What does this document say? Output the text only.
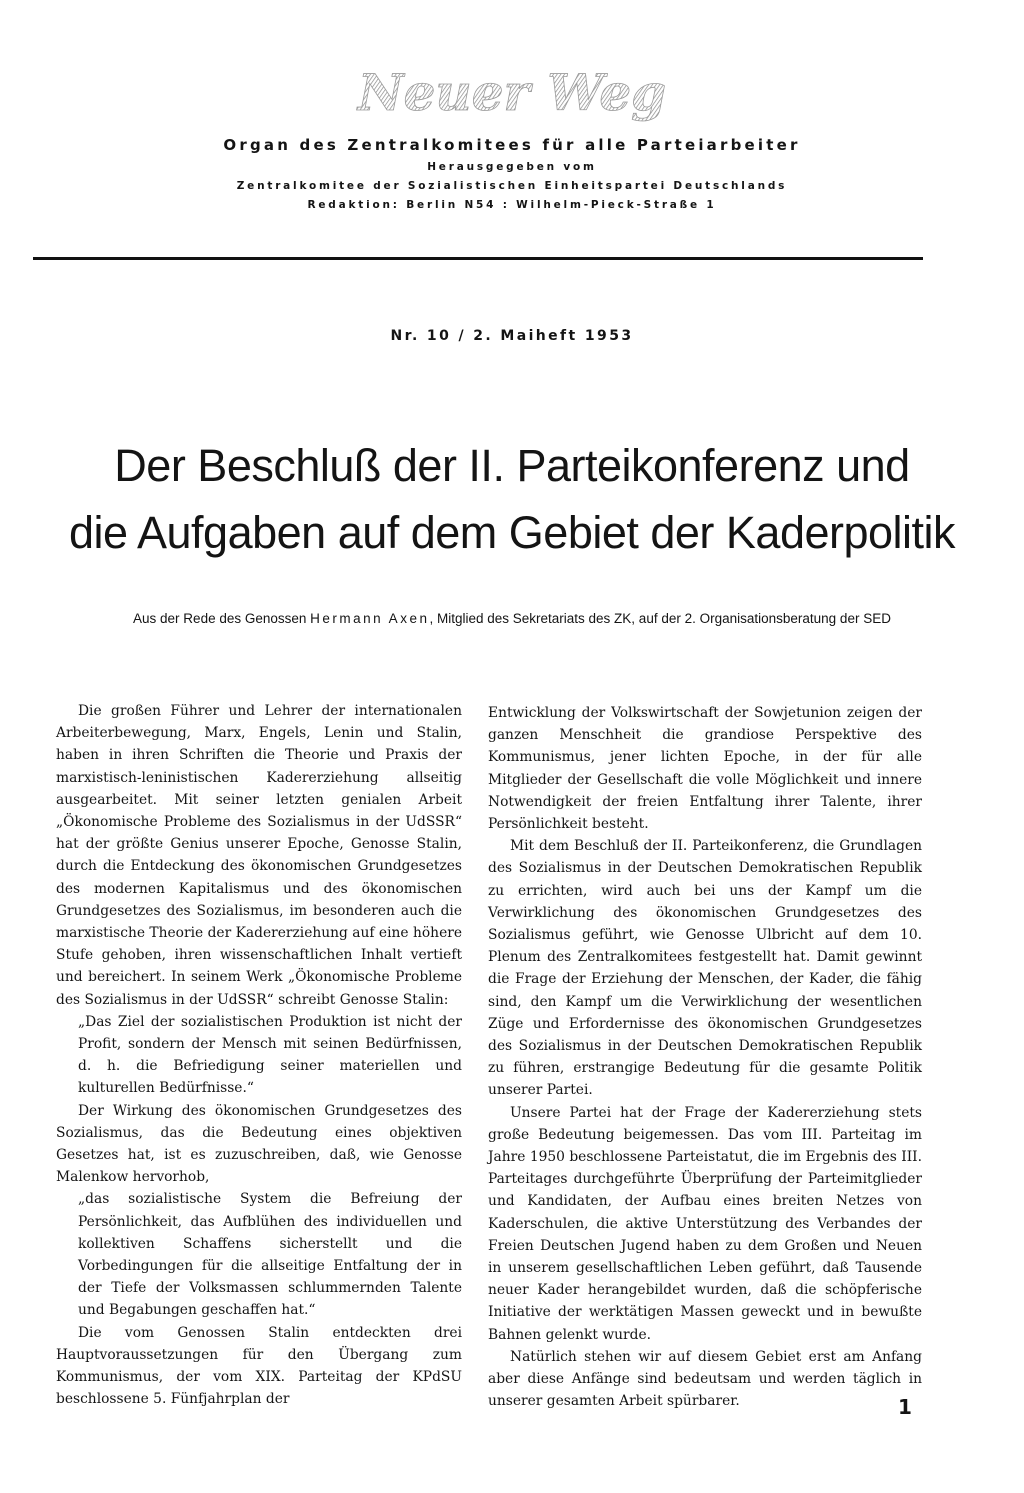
Neuer Weg
Organ des Zentralkomitees für alle Parteiarbeiter
Herausgegeben vom
Zentralkomitee der Sozialistischen Einheitspartei Deutschlands
Redaktion: Berlin N54 : Wilhelm-Pieck-Straße 1
Nr. 10 / 2. Maiheft 1953
Der Beschluß der II. Parteikonferenz und
die Aufgaben auf dem Gebiet der Kaderpolitik
Aus der Rede des Genossen Hermann Axen, Mitglied des Sekretariats des ZK, auf der 2. Organisationsberatung der SED

Die großen Führer und Lehrer der internationalen Arbeiterbewegung, Marx, Engels, Lenin und Stalin, haben in ihren Schriften die Theorie und Praxis der marxistisch-leninistischen Kadererziehung allseitig ausgearbeitet. Mit seiner letzten genialen Arbeit „Ökonomische Probleme des Sozialismus in der UdSSR“ hat der größte Genius unserer Epoche, Genosse Stalin, durch die Entdeckung des ökonomischen Grundgesetzes des modernen Kapitalismus und des ökonomischen Grundgesetzes des Sozialismus, im besonderen auch die marxistische Theorie der Kadererziehung auf eine höhere Stufe gehoben, ihren wissenschaftlichen Inhalt vertieft und bereichert. In seinem Werk „Ökonomische Probleme des Sozialismus in der UdSSR“ schreibt Genosse Stalin:

„Das Ziel der sozialistischen Produktion ist nicht der Profit, sondern der Mensch mit seinen Bedürfnissen, d. h. die Befriedigung seiner materiellen und kulturellen Bedürfnisse.“

Der Wirkung des ökonomischen Grundgesetzes des Sozialismus, das die Bedeutung eines objektiven Gesetzes hat, ist es zuzuschreiben, daß, wie Genosse Malenkow hervorhob,

„das sozialistische System die Befreiung der Persönlichkeit, das Aufblühen des individuellen und kollektiven Schaffens sicherstellt und die Vorbedingungen für die allseitige Entfaltung der in der Tiefe der Volksmassen schlummernden Talente und Begabungen geschaffen hat.“

Die vom Genossen Stalin entdeckten drei Hauptvoraussetzungen für den Übergang zum Kommunismus, der vom XIX. Parteitag der KPdSU beschlossene 5. Fünfjahrplan der

Entwicklung der Volkswirtschaft der Sowjetunion zeigen der ganzen Menschheit die grandiose Perspektive des Kommunismus, jener lichten Epoche, in der für alle Mitglieder der Gesellschaft die volle Möglichkeit und innere Notwendigkeit der freien Entfaltung ihrer Talente, ihrer Persönlichkeit besteht.

Mit dem Beschluß der II. Parteikonferenz, die Grundlagen des Sozialismus in der Deutschen Demokratischen Republik zu errichten, wird auch bei uns der Kampf um die Verwirklichung des ökonomischen Grundgesetzes des Sozialismus geführt, wie Genosse Ulbricht auf dem 10. Plenum des Zentralkomitees festgestellt hat. Damit gewinnt die Frage der Erziehung der Menschen, der Kader, die fähig sind, den Kampf um die Verwirklichung der wesentlichen Züge und Erfordernisse des ökonomischen Grundgesetzes des Sozialismus in der Deutschen Demokratischen Republik zu führen, erstrangige Bedeutung für die gesamte Politik unserer Partei.

Unsere Partei hat der Frage der Kadererziehung stets große Bedeutung beigemessen. Das vom III. Parteitag im Jahre 1950 beschlossene Parteistatut, die im Ergebnis des III. Parteitages durchgeführte Überprüfung der Parteimitglieder und Kandidaten, der Aufbau eines breiten Netzes von Kaderschulen, die aktive Unterstützung des Verbandes der Freien Deutschen Jugend haben zu dem Großen und Neuen in unserem gesellschaftlichen Leben geführt, daß Tausende neuer Kader herangebildet wurden, daß die schöpferische Initiative der werktätigen Massen geweckt und in bewußte Bahnen gelenkt wurde.

Natürlich stehen wir auf diesem Gebiet erst am Anfang aber diese Anfänge sind bedeutsam und werden täglich in unserer gesamten Arbeit spürbarer.	1
